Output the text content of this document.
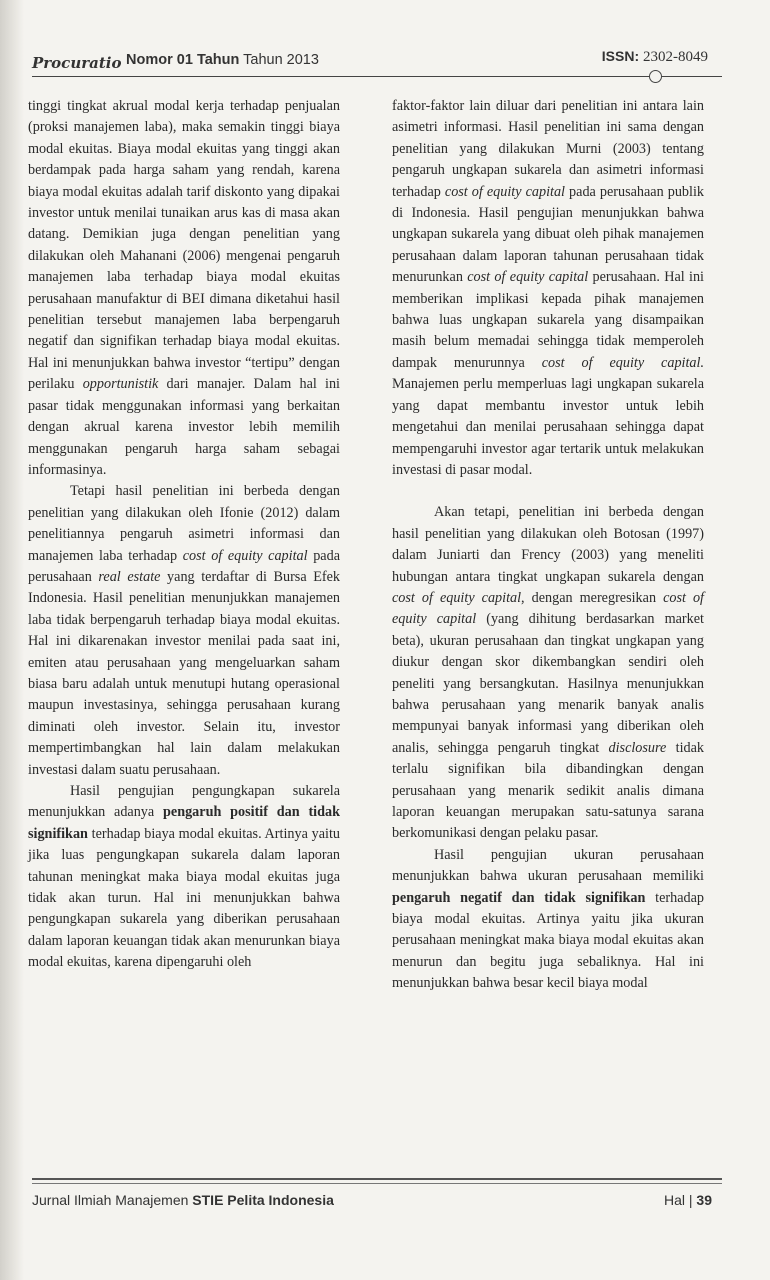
Procuratio Nomor 01 Tahun Tahun 2013	ISSN: 2302-8049

tinggi tingkat akrual modal kerja terhadap penjualan (proksi manajemen laba), maka semakin tinggi biaya modal ekuitas. Biaya modal ekuitas yang tinggi akan berdampak pada harga saham yang rendah, karena biaya modal ekuitas adalah tarif diskonto yang dipakai investor untuk menilai tunaikan arus kas di masa akan datang. Demikian juga dengan penelitian yang dilakukan oleh Mahanani (2006) mengenai pengaruh manajemen laba terhadap biaya modal ekuitas perusahaan manufaktur di BEI dimana diketahui hasil penelitian tersebut manajemen laba berpengaruh negatif dan signifikan terhadap biaya modal ekuitas. Hal ini menunjukkan bahwa investor “tertipu” dengan perilaku opportunistik dari manajer. Dalam hal ini pasar tidak menggunakan informasi yang berkaitan dengan akrual karena investor lebih memilih menggunakan pengaruh harga saham sebagai informasinya.

Tetapi hasil penelitian ini berbeda dengan penelitian yang dilakukan oleh Ifonie (2012) dalam penelitiannya pengaruh asimetri informasi dan manajemen laba terhadap cost of equity capital pada perusahaan real estate yang terdaftar di Bursa Efek Indonesia. Hasil penelitian menunjukkan manajemen laba tidak berpengaruh terhadap biaya modal ekuitas. Hal ini dikarenakan investor menilai pada saat ini, emiten atau perusahaan yang mengeluarkan saham biasa baru adalah untuk menutupi hutang operasional maupun investasinya, sehingga perusahaan kurang diminati oleh investor. Selain itu, investor mempertimbangkan hal lain dalam melakukan investasi dalam suatu perusahaan.

Hasil pengujian pengungkapan sukarela menunjukkan adanya pengaruh positif dan tidak signifikan terhadap biaya modal ekuitas. Artinya yaitu jika luas pengungkapan sukarela dalam laporan tahunan meningkat maka biaya modal ekuitas juga tidak akan turun. Hal ini menunjukkan bahwa pengungkapan sukarela yang diberikan perusahaan dalam laporan keuangan tidak akan menurunkan biaya modal ekuitas, karena dipengaruhi oleh

faktor-faktor lain diluar dari penelitian ini antara lain asimetri informasi. Hasil penelitian ini sama dengan penelitian yang dilakukan Murni (2003) tentang pengaruh ungkapan sukarela dan asimetri informasi terhadap cost of equity capital pada perusahaan publik di Indonesia. Hasil pengujian menunjukkan bahwa ungkapan sukarela yang dibuat oleh pihak manajemen perusahaan dalam laporan tahunan perusahaan tidak menurunkan cost of equity capital perusahaan. Hal ini memberikan implikasi kepada pihak manajemen bahwa luas ungkapan sukarela yang disampaikan masih belum memadai sehingga tidak memperoleh dampak menurunnya cost of equity capital. Manajemen perlu memperluas lagi ungkapan sukarela yang dapat membantu investor untuk lebih mengetahui dan menilai perusahaan sehingga dapat mempengaruhi investor agar tertarik untuk melakukan investasi di pasar modal.

Akan tetapi, penelitian ini berbeda dengan hasil penelitian yang dilakukan oleh Botosan (1997) dalam Juniarti dan Frency (2003) yang meneliti hubungan antara tingkat ungkapan sukarela dengan cost of equity capital, dengan meregresikan cost of equity capital (yang dihitung berdasarkan market beta), ukuran perusahaan dan tingkat ungkapan yang diukur dengan skor dikembangkan sendiri oleh peneliti yang bersangkutan. Hasilnya menunjukkan bahwa perusahaan yang menarik banyak analis mempunyai banyak informasi yang diberikan oleh analis, sehingga pengaruh tingkat disclosure tidak terlalu signifikan bila dibandingkan dengan perusahaan yang menarik sedikit analis dimana laporan keuangan merupakan satu-satunya sarana berkomunikasi dengan pelaku pasar.

Hasil pengujian ukuran perusahaan menunjukkan bahwa ukuran perusahaan memiliki pengaruh negatif dan tidak signifikan terhadap biaya modal ekuitas. Artinya yaitu jika ukuran perusahaan meningkat maka biaya modal ekuitas akan menurun dan begitu juga sebaliknya. Hal ini menunjukkan bahwa besar kecil biaya modal

Jurnal Ilmiah Manajemen STIE Pelita Indonesia	Hal | 39
